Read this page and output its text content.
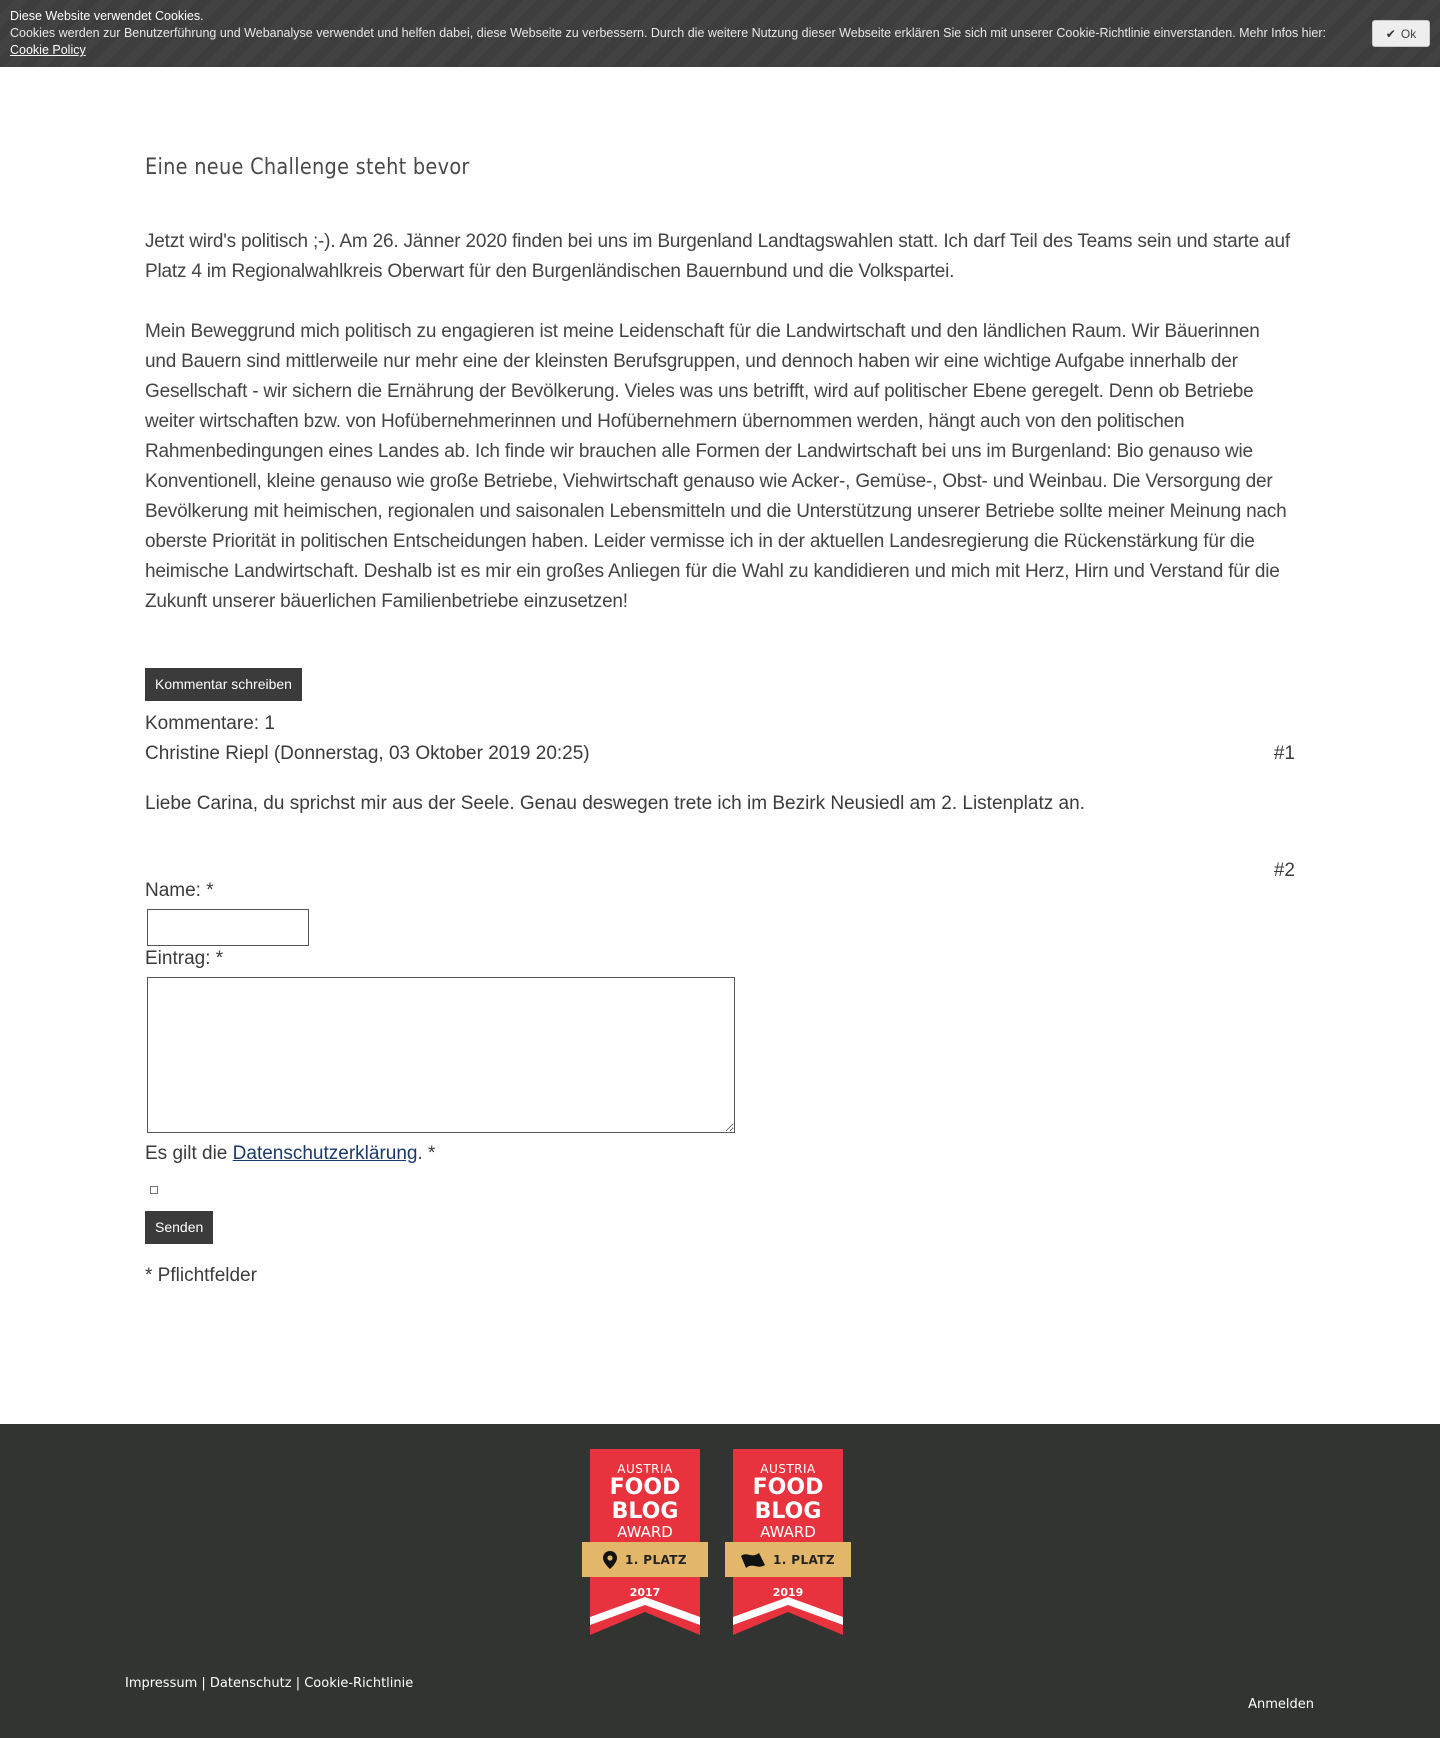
Diese Website verwendet Cookies.
Cookies werden zur Benutzerführung und Webanalyse verwendet und helfen dabei, diese Webseite zu verbessern. Durch die weitere Nutzung dieser Webseite erklären Sie sich mit unserer Cookie-Richtlinie einverstanden. Mehr Infos hier: Cookie Policy
✔ Ok
Eine neue Challenge steht bevor

Jetzt wird's politisch ;-). Am 26. Jänner 2020 finden bei uns im Burgenland Landtagswahlen statt. Ich darf Teil des Teams sein und starte auf Platz 4 im Regionalwahlkreis Oberwart für den Burgenländischen Bauernbund und die Volkspartei.

Mein Beweggrund mich politisch zu engagieren ist meine Leidenschaft für die Landwirtschaft und den ländlichen Raum. Wir Bäuerinnen und Bauern sind mittlerweile nur mehr eine der kleinsten Berufsgruppen, und dennoch haben wir eine wichtige Aufgabe innerhalb der Gesellschaft - wir sichern die Ernährung der Bevölkerung. Vieles was uns betrifft, wird auf politischer Ebene geregelt. Denn ob Betriebe weiter wirtschaften bzw. von Hofübernehmerinnen und Hofübernehmern übernommen werden, hängt auch von den politischen Rahmenbedingungen eines Landes ab. Ich finde wir brauchen alle Formen der Landwirtschaft bei uns im Burgenland: Bio genauso wie Konventionell, kleine genauso wie große Betriebe, Viehwirtschaft genauso wie Acker-, Gemüse-, Obst- und Weinbau. Die Versorgung der Bevölkerung mit heimischen, regionalen und saisonalen Lebensmitteln und die Unterstützung unserer Betriebe sollte meiner Meinung nach oberste Priorität in politischen Entscheidungen haben. Leider vermisse ich in der aktuellen Landesregierung die Rückenstärkung für die heimische Landwirtschaft. Deshalb ist es mir ein großes Anliegen für die Wahl zu kandidieren und mich mit Herz, Hirn und Verstand für die Zukunft unserer bäuerlichen Familienbetriebe einzusetzen!

Kommentar schreiben
Kommentare: 1
Christine Riepl (Donnerstag, 03 Oktober 2019 20:25)	#1
Liebe Carina, du sprichst mir aus der Seele. Genau deswegen trete ich im Bezirk Neusiedl am 2. Listenplatz an.
#2
Name: *
Eintrag: *
Es gilt die Datenschutzerklärung. *
Senden
* Pflichtfelder
AUSTRIA
FOOD
BLOG
AWARD
1. PLATZ
2017
AUSTRIA
FOOD
BLOG
AWARD
1. PLATZ
2019
Impressum | Datenschutz | Cookie-Richtlinie
Anmelden
